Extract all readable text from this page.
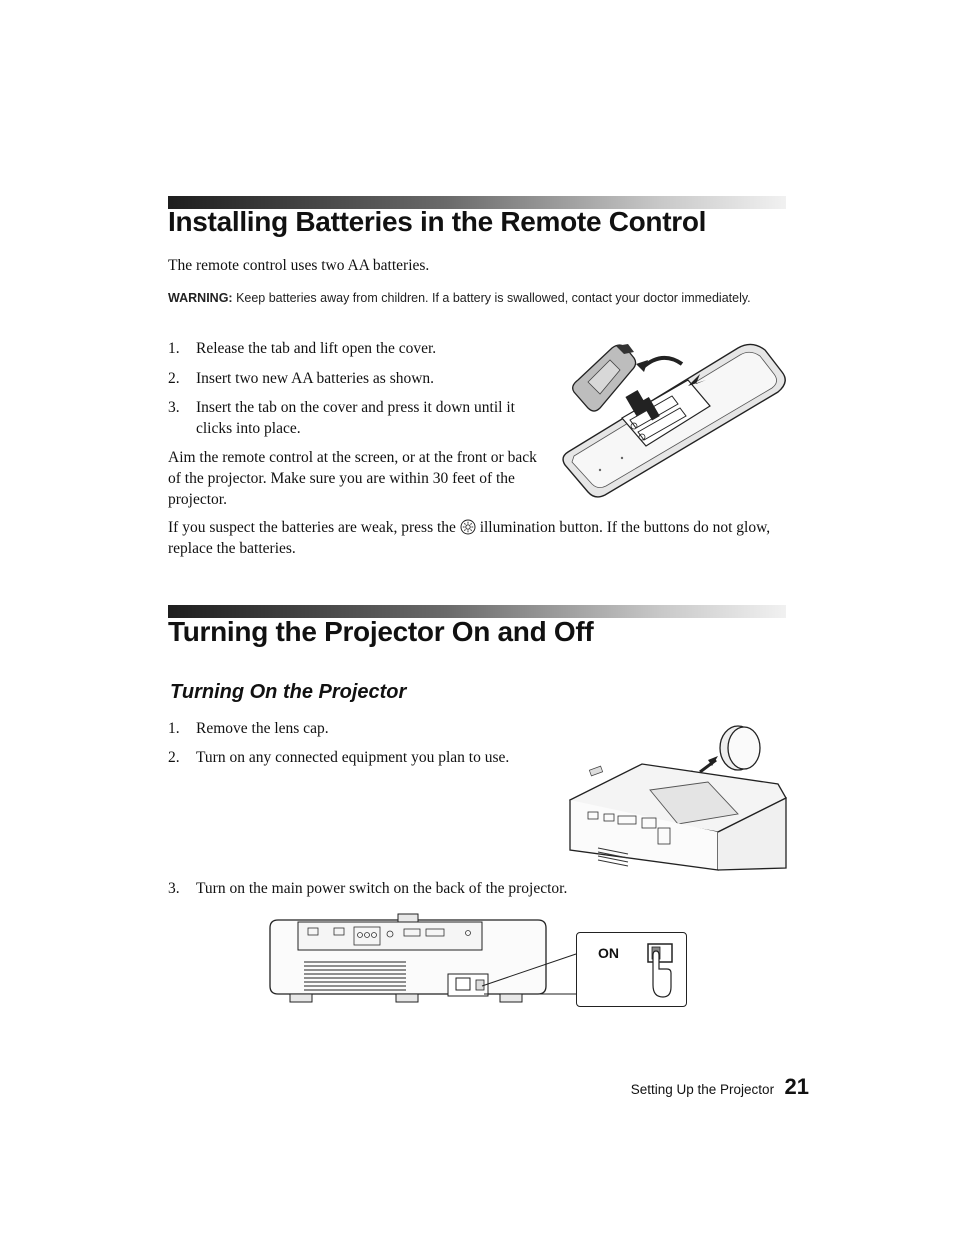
Installing Batteries in the Remote Control
The remote control uses two AA batteries.
WARNING: Keep batteries away from children. If a battery is swallowed, contact your doctor immediately.
1.	Release the tab and lift open the cover.
2.	Insert two new AA batteries as shown.
3.	Insert the tab on the cover and press it down until it clicks into place.
Aim the remote control at the screen, or at the front or back of the projector. Make sure you are within 30 feet of the projector.
If you suspect the batteries are weak, press the illumination button. If the buttons do not glow, replace the batteries.
Turning the Projector On and Off
Turning On the Projector
1.	Remove the lens cap.
2.	Turn on any connected equipment you plan to use.
3.	Turn on the main power switch on the back of the projector.
ON
Setting Up the Projector 21
